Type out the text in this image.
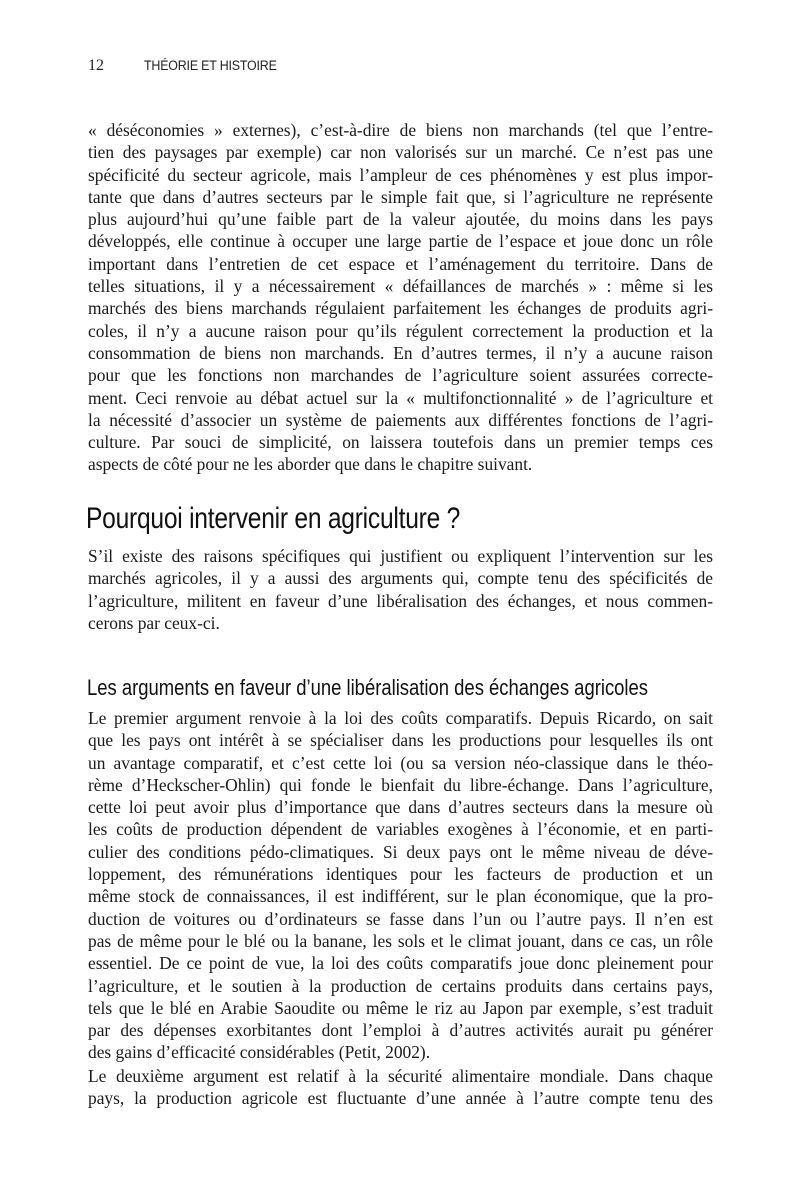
12	THÉORIE ET HISTOIRE
« déséconomies » externes), c’est-à-dire de biens non marchands (tel que l’entre-
tien des paysages par exemple) car non valorisés sur un marché. Ce n’est pas une
spécificité du secteur agricole, mais l’ampleur de ces phénomènes y est plus impor-
tante que dans d’autres secteurs par le simple fait que, si l’agriculture ne représente
plus aujourd’hui qu’une faible part de la valeur ajoutée, du moins dans les pays
développés, elle continue à occuper une large partie de l’espace et joue donc un rôle
important dans l’entretien de cet espace et l’aménagement du territoire. Dans de
telles situations, il y a nécessairement « défaillances de marchés » : même si les
marchés des biens marchands régulaient parfaitement les échanges de produits agri-
coles, il n’y a aucune raison pour qu’ils régulent correctement la production et la
consommation de biens non marchands. En d’autres termes, il n’y a aucune raison
pour que les fonctions non marchandes de l’agriculture soient assurées correcte-
ment. Ceci renvoie au débat actuel sur la « multifonctionnalité » de l’agriculture et
la nécessité d’associer un système de paiements aux différentes fonctions de l’agri-
culture. Par souci de simplicité, on laissera toutefois dans un premier temps ces
aspects de côté pour ne les aborder que dans le chapitre suivant.
Pourquoi intervenir en agriculture ?
S’il existe des raisons spécifiques qui justifient ou expliquent l’intervention sur les
marchés agricoles, il y a aussi des arguments qui, compte tenu des spécificités de
l’agriculture, militent en faveur d’une libéralisation des échanges, et nous commen-
cerons par ceux-ci.
Les arguments en faveur d’une libéralisation des échanges agricoles
Le premier argument renvoie à la loi des coûts comparatifs. Depuis Ricardo, on sait
que les pays ont intérêt à se spécialiser dans les productions pour lesquelles ils ont
un avantage comparatif, et c’est cette loi (ou sa version néo-classique dans le théo-
rème d’Heckscher-Ohlin) qui fonde le bienfait du libre-échange. Dans l’agriculture,
cette loi peut avoir plus d’importance que dans d’autres secteurs dans la mesure où
les coûts de production dépendent de variables exogènes à l’économie, et en parti-
culier des conditions pédo-climatiques. Si deux pays ont le même niveau de déve-
loppement, des rémunérations identiques pour les facteurs de production et un
même stock de connaissances, il est indifférent, sur le plan économique, que la pro-
duction de voitures ou d’ordinateurs se fasse dans l’un ou l’autre pays. Il n’en est
pas de même pour le blé ou la banane, les sols et le climat jouant, dans ce cas, un rôle
essentiel. De ce point de vue, la loi des coûts comparatifs joue donc pleinement pour
l’agriculture, et le soutien à la production de certains produits dans certains pays,
tels que le blé en Arabie Saoudite ou même le riz au Japon par exemple, s’est traduit
par des dépenses exorbitantes dont l’emploi à d’autres activités aurait pu générer
des gains d’efficacité considérables (Petit, 2002).
Le deuxième argument est relatif à la sécurité alimentaire mondiale. Dans chaque
pays, la production agricole est fluctuante d’une année à l’autre compte tenu des
